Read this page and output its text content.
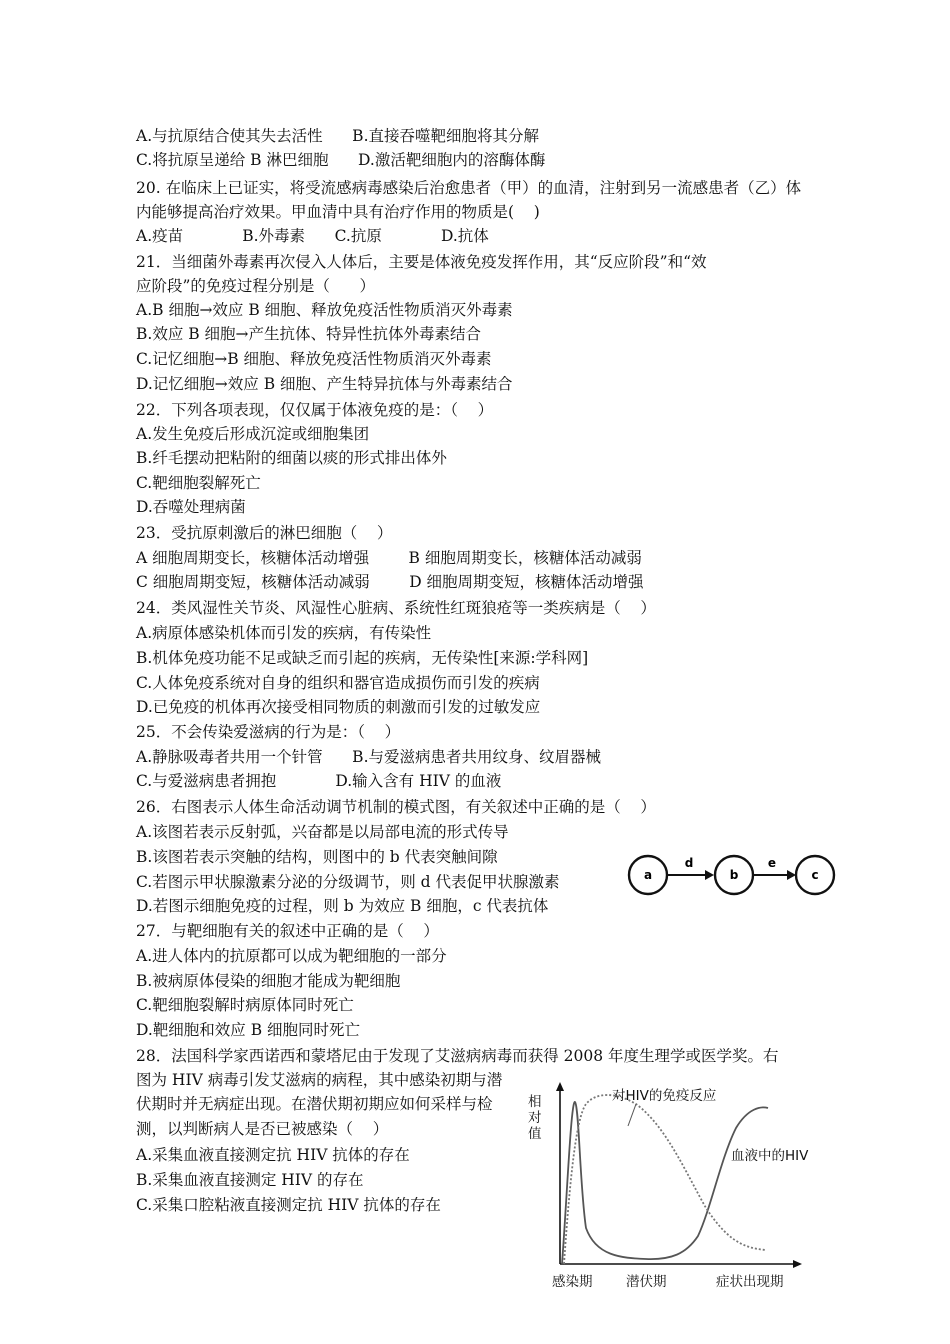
A.与抗原结合使其失去活性      B.直接吞噬靶细胞将其分解
C.将抗原呈递给 B 淋巴细胞      D.激活靶细胞内的溶酶体酶
20. 在临床上已证实，将受流感病毒感染后治愈患者（甲）的血清，注射到另一流感患者（乙）体
内能够提高治疗效果。甲血清中具有治疗作用的物质是(    )
A.疫苗            B.外毒素      C.抗原            D.抗体
21．当细菌外毒素再次侵入人体后，主要是体液免疫发挥作用，其“反应阶段”和“效
应阶段”的免疫过程分别是（      ）
A.B 细胞→效应 B 细胞、释放免疫活性物质消灭外毒素
B.效应 B 细胞→产生抗体、特异性抗体外毒素结合
C.记忆细胞→B 细胞、释放免疫活性物质消灭外毒素
D.记忆细胞→效应 B 细胞、产生特异抗体与外毒素结合
22．下列各项表现，仅仅属于体液免疫的是：（    ）
A.发生免疫后形成沉淀或细胞集团
B.纤毛摆动把粘附的细菌以痰的形式排出体外
C.靶细胞裂解死亡
D.吞噬处理病菌
23．受抗原刺激后的淋巴细胞（    ）
A 细胞周期变长，核糖体活动增强        B 细胞周期变长，核糖体活动减弱
C 细胞周期变短，核糖体活动减弱        D 细胞周期变短，核糖体活动增强
24．类风湿性关节炎、风湿性心脏病、系统性红斑狼疮等一类疾病是（    ）
A.病原体感染机体而引发的疾病，有传染性
B.机体免疫功能不足或缺乏而引起的疾病，无传染性[来源:学科网]
C.人体免疫系统对自身的组织和器官造成损伤而引发的疾病
D.已免疫的机体再次接受相同物质的刺激而引发的过敏发应
25．不会传染爱滋病的行为是：（    ）
A.静脉吸毒者共用一个针管      B.与爱滋病患者共用纹身、纹眉器械
C.与爱滋病患者拥抱            D.输入含有 HIV 的血液
26．右图表示人体生命活动调节机制的模式图，有关叙述中正确的是（    ）
A.该图若表示反射弧，兴奋都是以局部电流的形式传导
B.该图若表示突触的结构，则图中的 b 代表突触间隙
C.若图示甲状腺激素分泌的分级调节，则 d 代表促甲状腺激素
D.若图示细胞免疫的过程，则 b 为效应 B 细胞，c 代表抗体
27．与靶细胞有关的叙述中正确的是（    ）
A.进人体内的抗原都可以成为靶细胞的一部分
B.被病原体侵染的细胞才能成为靶细胞
C.靶细胞裂解时病原体同时死亡
D.靶细胞和效应 B 细胞同时死亡
28．法国科学家西诺西和蒙塔尼由于发现了艾滋病病毒而获得 2008 年度生理学或医学奖。右
图为 HIV 病毒引发艾滋病的病程，其中感染初期与潜
伏期时并无病症出现。在潜伏期初期应如何采样与检
测，以判断病人是否已被感染（    ）
A.采集血液直接测定抗 HIV 抗体的存在
B.采集血液直接测定 HIV 的存在
C.采集口腔粘液直接测定抗 HIV 抗体的存在
a
d
b
e
c
相
对
值
对HIV的免疫反应
血液中的HIV
感染期 潜伏期	症状出现期
